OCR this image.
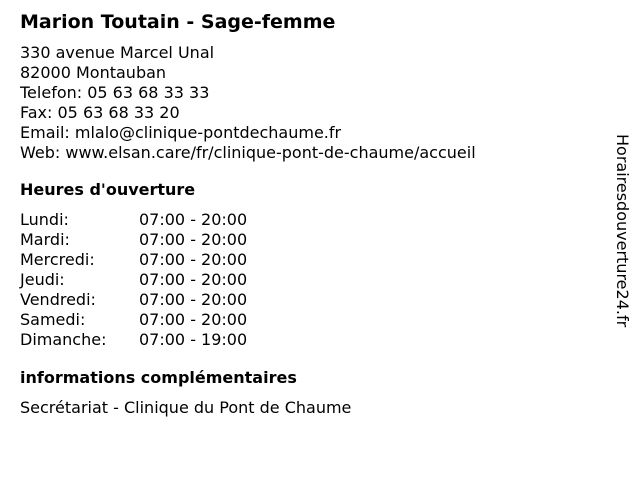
Marion Toutain - Sage-femme
330 avenue Marcel Unal
82000 Montauban
Telefon: 05 63 68 33 33
Fax: 05 63 68 33 20
Email: mlalo@clinique-pontdechaume.fr
Web: www.elsan.care/fr/clinique-pont-de-chaume/accueil
Heures d'ouverture
Lundi:	07:00 - 20:00
Mardi:	07:00 - 20:00
Mercredi:	07:00 - 20:00
Jeudi:	07:00 - 20:00
Vendredi:	07:00 - 20:00
Samedi:	07:00 - 20:00
Dimanche:	07:00 - 19:00
informations complémentaires
Secrétariat - Clinique du Pont de Chaume
Horairesdouverture24.fr
